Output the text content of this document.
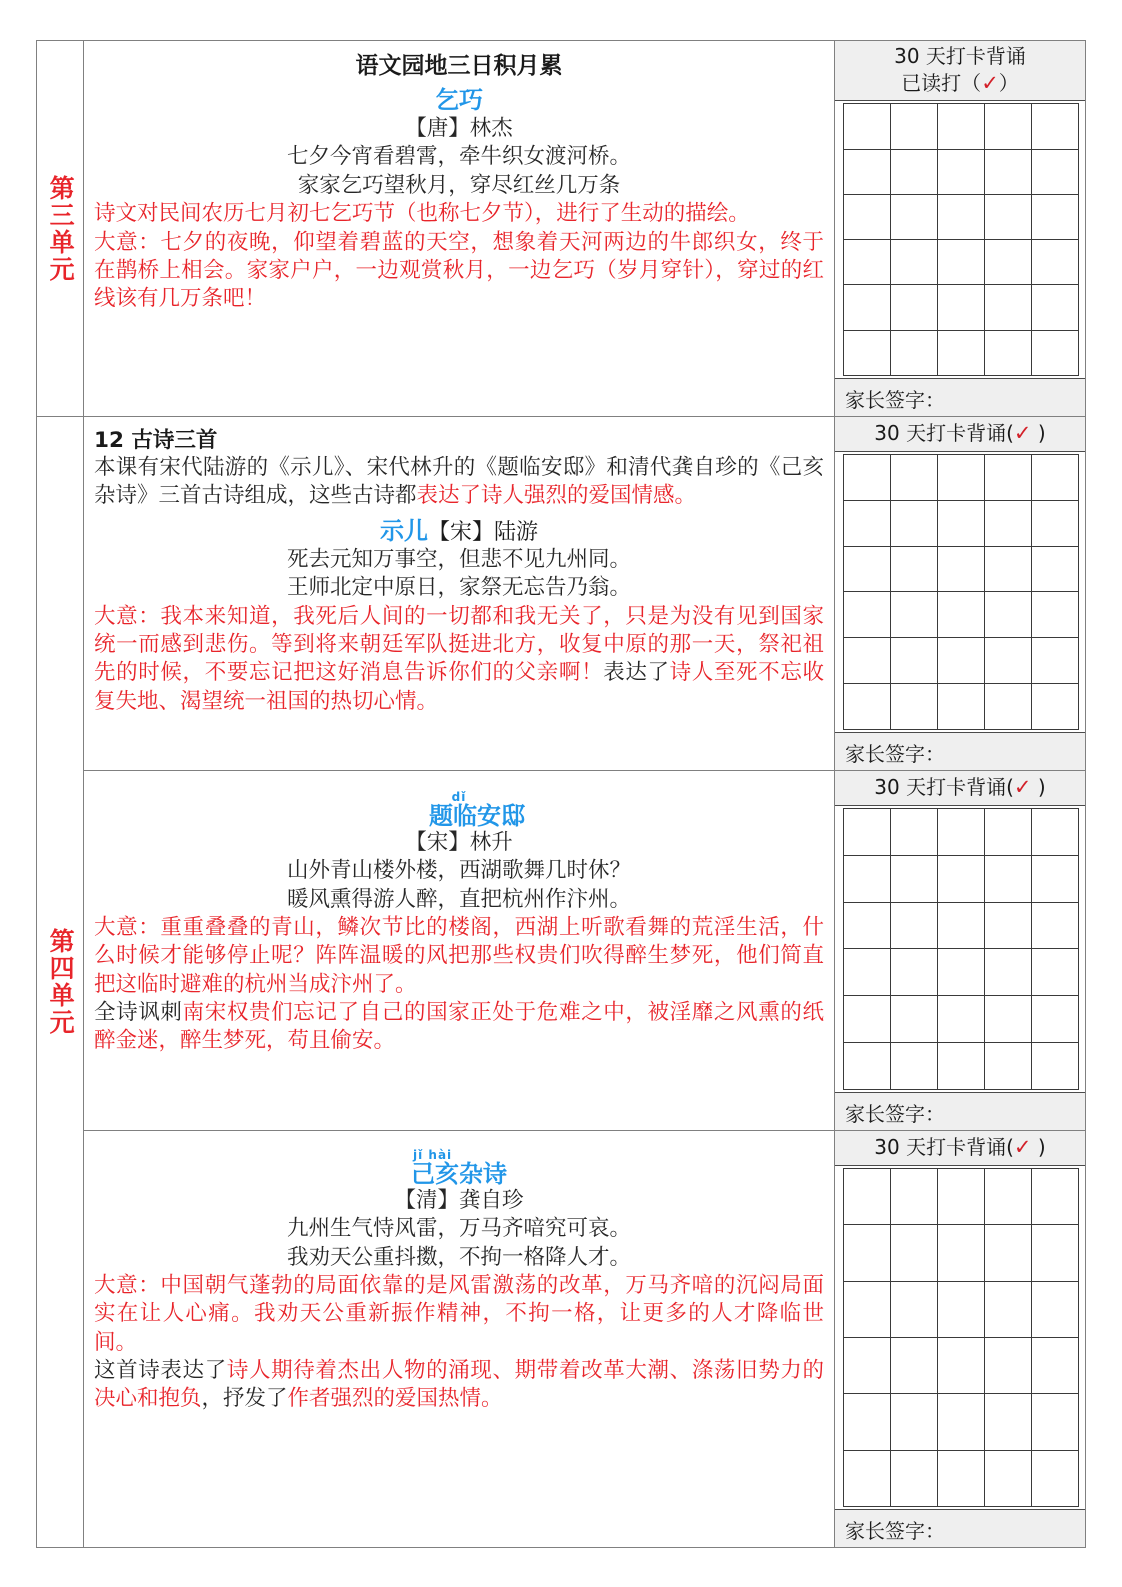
第三单元
第四单元
语文园地三日积月累
乞巧
【唐】林杰
七夕今宵看碧霄，牵牛织女渡河桥。
家家乞巧望秋月，穿尽红丝几万条
诗文对民间农历七月初七乞巧节（也称七夕节），进行了生动的描绘。
大意：七夕的夜晚，仰望着碧蓝的天空，想象着天河两边的牛郎织女，终于在鹊桥上相会。家家户户，一边观赏秋月，一边乞巧（岁月穿针），穿过的红线该有几万条吧！
12 古诗三首
本课有宋代陆游的《示儿》、宋代林升的《题临安邸》和清代龚自珍的《己亥杂诗》三首古诗组成，这些古诗都表达了诗人强烈的爱国情感。
示儿【宋】陆游
死去元知万事空，但悲不见九州同。
王师北定中原日，家祭无忘告乃翁。
大意：我本来知道，我死后人间的一切都和我无关了，只是为没有见到国家统一而感到悲伤。等到将来朝廷军队挺进北方，收复中原的那一天，祭祀祖先的时候，不要忘记把这好消息告诉你们的父亲啊！表达了诗人至死不忘收复失地、渴望统一祖国的热切心情。
dǐ
题临安邸
【宋】林升
山外青山楼外楼，西湖歌舞几时休？
暖风熏得游人醉，直把杭州作汴州。
大意：重重叠叠的青山，鳞次节比的楼阁，西湖上听歌看舞的荒淫生活，什么时候才能够停止呢？阵阵温暖的风把那些权贵们吹得醉生梦死，他们简直把这临时避难的杭州当成汴州了。
全诗讽刺南宋权贵们忘记了自己的国家正处于危难之中，被淫靡之风熏的纸醉金迷，醉生梦死，苟且偷安。
jǐ hài
己亥杂诗
【清】龚自珍
九州生气恃风雷，万马齐喑究可哀。
我劝天公重抖擞，不拘一格降人才。
大意：中国朝气蓬勃的局面依靠的是风雷激荡的改革，万马齐喑的沉闷局面实在让人心痛。我劝天公重新振作精神，不拘一格，让更多的人才降临世间。
这首诗表达了诗人期待着杰出人物的涌现、期带着改革大潮、涤荡旧势力的决心和抱负，抒发了作者强烈的爱国热情。
30 天打卡背诵
已读打（✓）
家长签字：
30 天打卡背诵(✓ )
家长签字：
30 天打卡背诵(✓ )
家长签字：
30 天打卡背诵(✓ )
家长签字：
